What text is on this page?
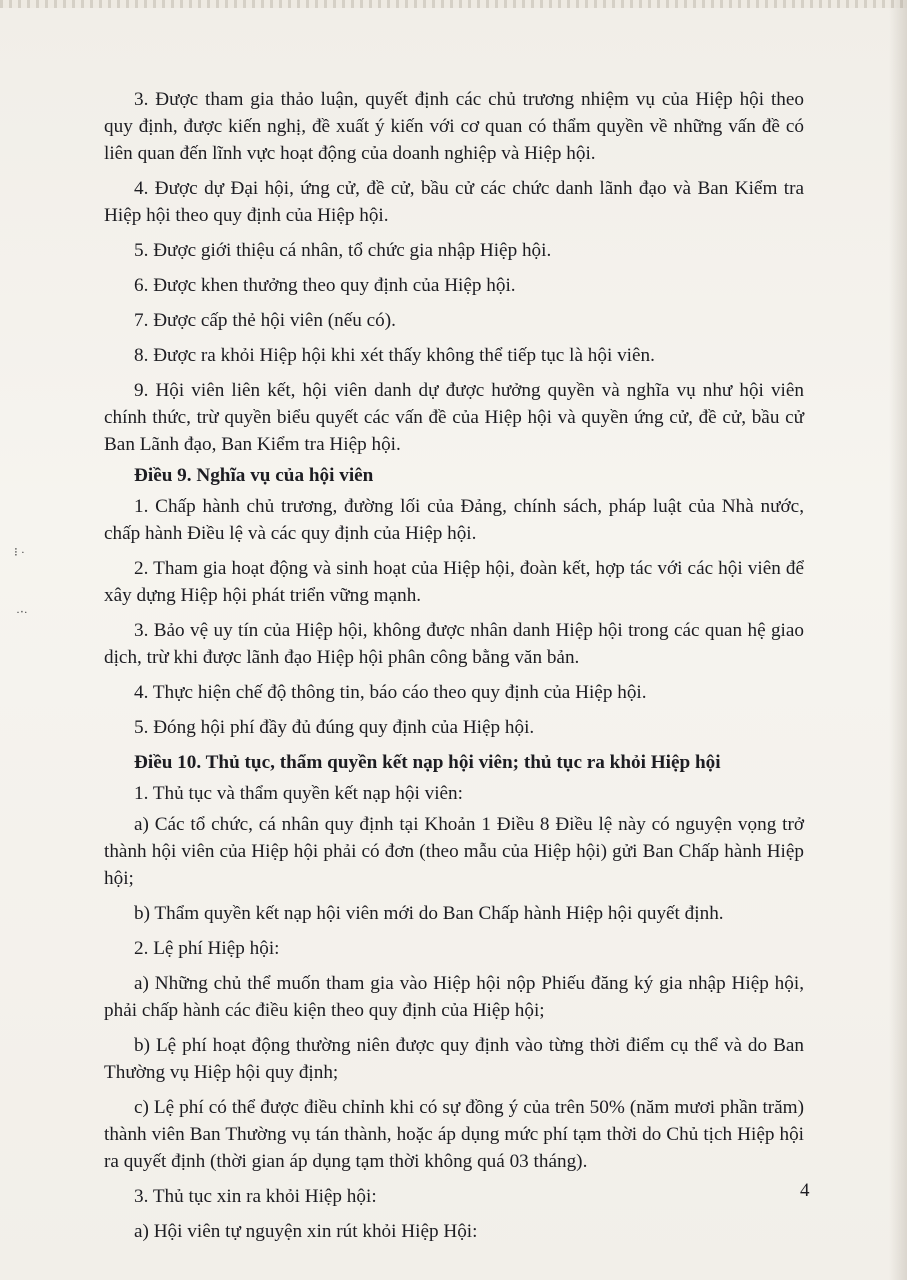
⁝ ·
·‧·

3. Được tham gia thảo luận, quyết định các chủ trương nhiệm vụ của Hiệp hội theo quy định, được kiến nghị, đề xuất ý kiến với cơ quan có thẩm quyền về những vấn đề có liên quan đến lĩnh vực hoạt động của doanh nghiệp và Hiệp hội.

4. Được dự Đại hội, ứng cử, đề cử, bầu cử các chức danh lãnh đạo và Ban Kiểm tra Hiệp hội theo quy định của Hiệp hội.

5. Được giới thiệu cá nhân, tổ chức gia nhập Hiệp hội.

6. Được khen thưởng theo quy định của Hiệp hội.

7. Được cấp thẻ hội viên (nếu có).

8. Được ra khỏi Hiệp hội khi xét thấy không thể tiếp tục là hội viên.

9. Hội viên liên kết, hội viên danh dự được hưởng quyền và nghĩa vụ như hội viên chính thức, trừ quyền biểu quyết các vấn đề của Hiệp hội và quyền ứng cử, đề cử, bầu cử Ban Lãnh đạo, Ban Kiểm tra Hiệp hội.

Điều 9. Nghĩa vụ của hội viên

1. Chấp hành chủ trương, đường lối của Đảng, chính sách, pháp luật của Nhà nước, chấp hành Điều lệ và các quy định của Hiệp hội.

2. Tham gia hoạt động và sinh hoạt của Hiệp hội, đoàn kết, hợp tác với các hội viên để xây dựng Hiệp hội phát triển vững mạnh.

3. Bảo vệ uy tín của Hiệp hội, không được nhân danh Hiệp hội trong các quan hệ giao dịch, trừ khi được lãnh đạo Hiệp hội phân công bằng văn bản.

4. Thực hiện chế độ thông tin, báo cáo theo quy định của Hiệp hội.

5. Đóng hội phí đầy đủ đúng quy định của Hiệp hội.

Điều 10. Thủ tục, thẩm quyền kết nạp hội viên; thủ tục ra khỏi Hiệp hội

1. Thủ tục và thẩm quyền kết nạp hội viên:

a) Các tổ chức, cá nhân quy định tại Khoản 1 Điều 8 Điều lệ này có nguyện vọng trở thành hội viên của Hiệp hội phải có đơn (theo mẫu của Hiệp hội) gửi Ban Chấp hành Hiệp hội;

b) Thẩm quyền kết nạp hội viên mới do Ban Chấp hành Hiệp hội quyết định.

2. Lệ phí Hiệp hội:

a) Những chủ thể muốn tham gia vào Hiệp hội nộp Phiếu đăng ký gia nhập Hiệp hội, phải chấp hành các điều kiện theo quy định của Hiệp hội;

b) Lệ phí hoạt động thường niên được quy định vào từng thời điểm cụ thể và do Ban Thường vụ Hiệp hội quy định;

c) Lệ phí có thể được điều chỉnh khi có sự đồng ý của trên 50% (năm mươi phần trăm) thành viên Ban Thường vụ tán thành, hoặc áp dụng mức phí tạm thời do Chủ tịch Hiệp hội ra quyết định (thời gian áp dụng tạm thời không quá 03 tháng).

3. Thủ tục xin ra khỏi Hiệp hội:

a) Hội viên tự nguyện xin rút khỏi Hiệp Hội:

4
